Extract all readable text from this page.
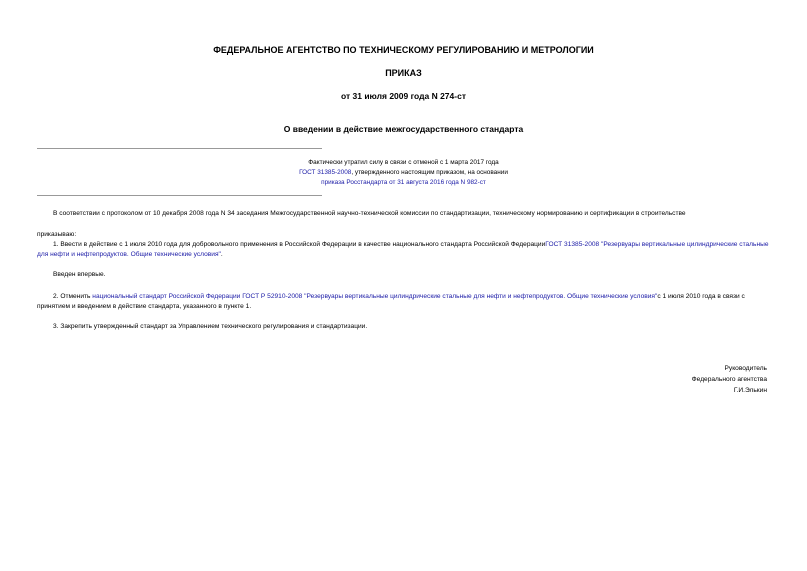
ФЕДЕРАЛЬНОЕ АГЕНТСТВО ПО ТЕХНИЧЕСКОМУ РЕГУЛИРОВАНИЮ И МЕТРОЛОГИИ
ПРИКАЗ
от 31 июля 2009 года N 274-ст
О введении в действие межгосударственного стандарта
Фактически утратил силу в связи с отменой с 1 марта 2017 года
ГОСТ 31385-2008, утвержденного настоящим приказом, на основании
приказа Росстандарта от 31 августа 2016 года N 982-ст
В соответствии с протоколом от 10 декабря 2008 года N 34 заседания Межгосударственной научно-технической комиссии по стандартизации, техническому нормированию и сертификации в строительстве
приказываю:
1. Ввести в действие с 1 июля 2010 года для добровольного применения в Российской Федерации в качестве национального стандарта Российской ФедерацииГОСТ 31385-2008 "Резервуары вертикальные цилиндрические стальные для нефти и нефтепродуктов. Общие технические условия".
Введен впервые.
2. Отменить национальный стандарт Российской Федерации ГОСТ Р 52910-2008 "Резервуары вертикальные цилиндрические стальные для нефти и нефтепродуктов. Общие технические условия"с 1 июля 2010 года в связи с принятием и введением в действие стандарта, указанного в пункте 1.
3. Закрепить утвержденный стандарт за Управлением технического регулирования и стандартизации.
Руководитель
Федерального агентства
Г.И.Элькин
